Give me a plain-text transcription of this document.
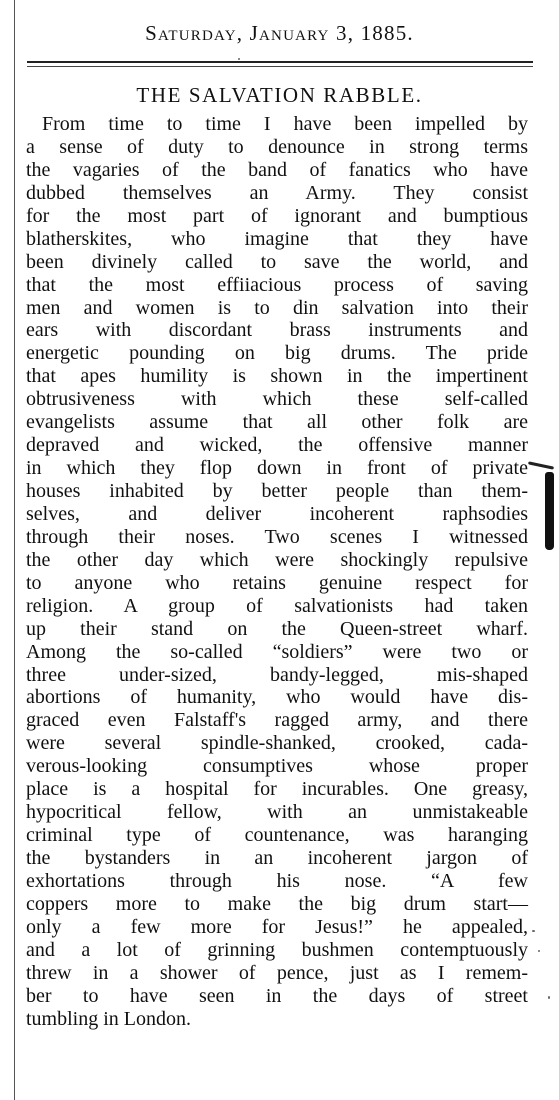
Saturday, January 3, 1885.
THE SALVATION RABBLE.
From time to time I have been impelled by
a sense of duty to denounce in strong terms
the vagaries of the band of fanatics who have
dubbed themselves an Army. They consist
for the most part of ignorant and bumptious
blatherskites, who imagine that they have
been divinely called to save the world, and
that the most effiiacious process of saving
men and women is to din salvation into their
ears with discordant brass instruments and
energetic pounding on big drums. The pride
that apes humility is shown in the impertinent
obtrusiveness with which these self-called
evangelists assume that all other folk are
depraved and wicked, the offensive manner
in which they flop down in front of private
houses inhabited by better people than them-
selves, and deliver incoherent raphsodies
through their noses. Two scenes I witnessed
the other day which were shockingly repulsive
to anyone who retains genuine respect for
religion. A group of salvationists had taken
up their stand on the Queen-street wharf.
Among the so-called “soldiers” were two or
three under-sized, bandy-legged, mis-shaped
abortions of humanity, who would have dis-
graced even Falstaff's ragged army, and there
were several spindle-shanked, crooked, cada-
verous-looking consumptives whose proper
place is a hospital for incurables. One greasy,
hypocritical fellow, with an unmistakeable
criminal type of countenance, was haranging
the bystanders in an incoherent jargon of
exhortations through his nose. “A few
coppers more to make the big drum start—
only a few more for Jesus!” he appealed,
and a lot of grinning bushmen contemptuously
threw in a shower of pence, just as I remem-
ber to have seen in the days of street
tumbling in London.
